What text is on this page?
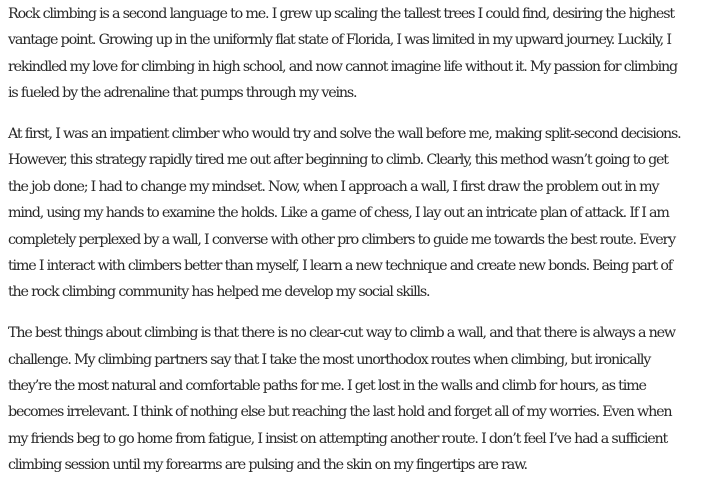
Rock climbing is a second language to me. I grew up scaling the tallest trees I could find, desiring the highest
vantage point. Growing up in the uniformly flat state of Florida, I was limited in my upward journey. Luckily, I
rekindled my love for climbing in high school, and now cannot imagine life without it. My passion for climbing
is fueled by the adrenaline that pumps through my veins.

At first, I was an impatient climber who would try and solve the wall before me, making split-second decisions.
However, this strategy rapidly tired me out after beginning to climb. Clearly, this method wasn’t going to get
the job done; I had to change my mindset. Now, when I approach a wall, I first draw the problem out in my
mind, using my hands to examine the holds. Like a game of chess, I lay out an intricate plan of attack. If I am
completely perplexed by a wall, I converse with other pro climbers to guide me towards the best route. Every
time I interact with climbers better than myself, I learn a new technique and create new bonds. Being part of
the rock climbing community has helped me develop my social skills.

The best things about climbing is that there is no clear-cut way to climb a wall, and that there is always a new
challenge. My climbing partners say that I take the most unorthodox routes when climbing, but ironically
they’re the most natural and comfortable paths for me. I get lost in the walls and climb for hours, as time
becomes irrelevant. I think of nothing else but reaching the last hold and forget all of my worries. Even when
my friends beg to go home from fatigue, I insist on attempting another route. I don’t feel I’ve had a sufficient
climbing session until my forearms are pulsing and the skin on my fingertips are raw.
